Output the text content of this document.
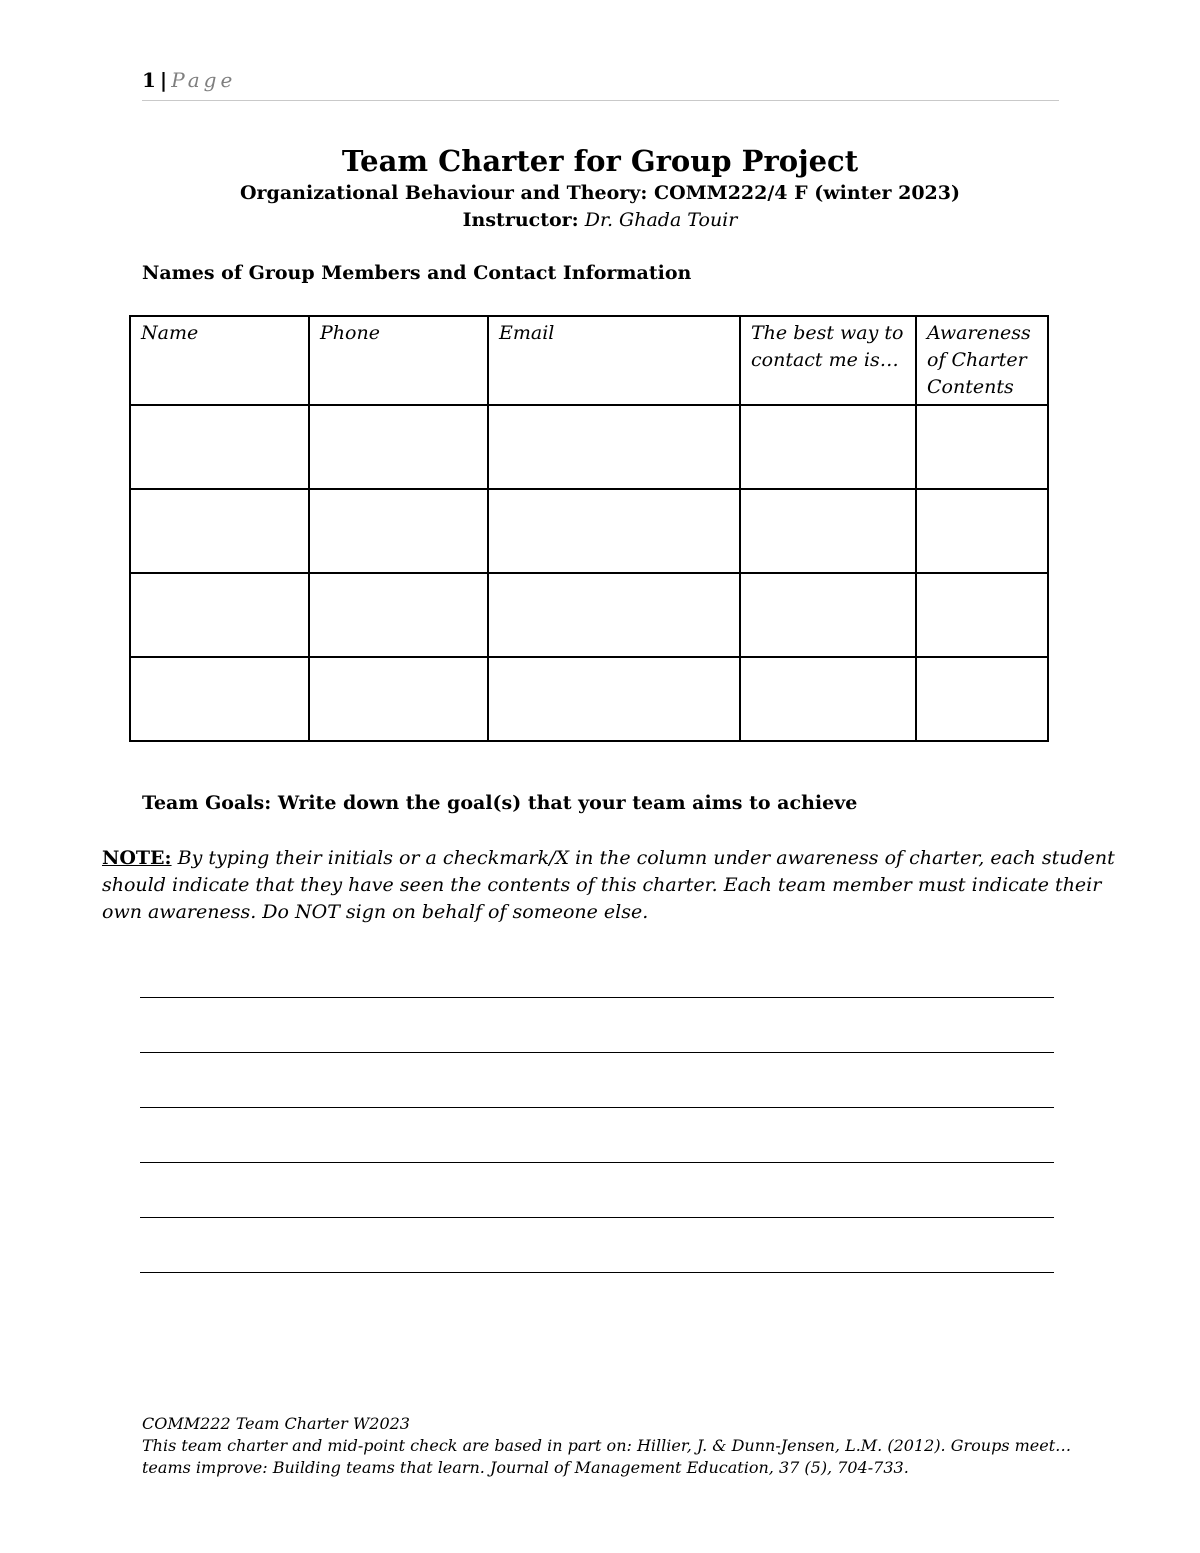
1 | Page
Team Charter for Group Project
Organizational Behaviour and Theory: COMM222/4 F (winter 2023)
Instructor: Dr. Ghada Touir
Names of Group Members and Contact Information
Name	Phone	Email	The best way to contact me is…	Awareness of Charter Contents

Team Goals: Write down the goal(s) that your team aims to achieve
NOTE: By typing their initials or a checkmark/X in the column under awareness of charter, each student should indicate that they have seen the contents of this charter. Each team member must indicate their own awareness. Do NOT sign on behalf of someone else.
COMM222 Team Charter W2023
This team charter and mid-point check are based in part on: Hillier, J. & Dunn-Jensen, L.M. (2012). Groups meet…
teams improve: Building teams that learn. Journal of Management Education, 37 (5), 704-733.
